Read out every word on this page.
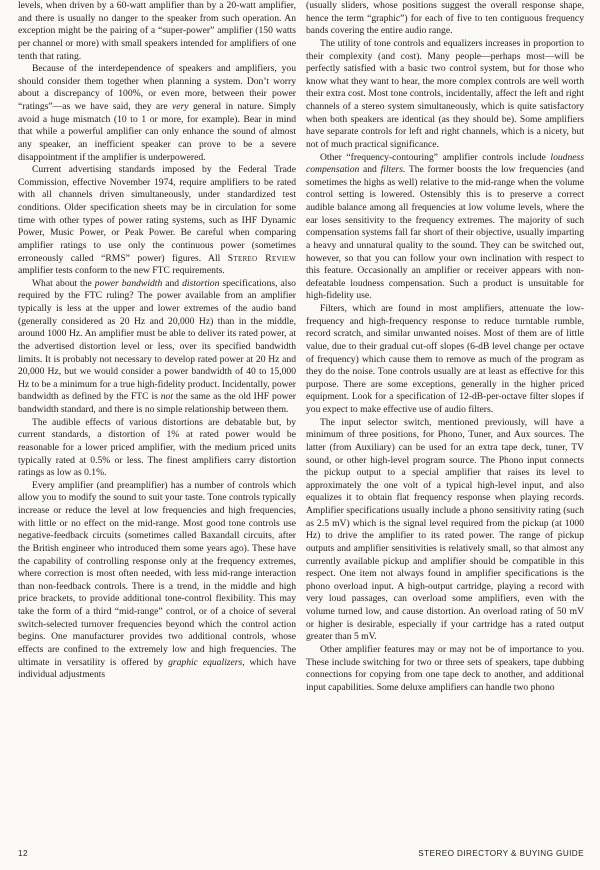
levels, when driven by a 60-watt amplifier than by a 20-watt amplifier, and there is usually no danger to the speaker from such operation. An exception might be the pairing of a “super-power” amplifier (150 watts per channel or more) with small speakers intended for amplifiers of one tenth that rating.

Because of the interdependence of speakers and amplifiers, you should consider them together when planning a system. Don’t worry about a discrepancy of 100%, or even more, between their power “ratings”—as we have said, they are very general in nature. Simply avoid a huge mismatch (10 to 1 or more, for example). Bear in mind that while a powerful amplifier can only enhance the sound of almost any speaker, an inefficient speaker can prove to be a severe disappointment if the amplifier is underpowered.

Current advertising standards imposed by the Federal Trade Commission, effective November 1974, require amplifiers to be rated with all channels driven simultaneously, under standardized test conditions. Older specification sheets may be in circulation for some time with other types of power rating systems, such as IHF Dynamic Power, Music Power, or Peak Power. Be careful when comparing amplifier ratings to use only the continuous power (sometimes erroneously called “RMS” power) figures. All Stereo Review amplifier tests conform to the new FTC requirements.

What about the power bandwidth and distortion specifications, also required by the FTC ruling? The power available from an amplifier typically is less at the upper and lower extremes of the audio band (generally considered as 20 Hz and 20,000 Hz) than in the middle, around 1000 Hz. An amplifier must be able to deliver its rated power, at the advertised distortion level or less, over its specified bandwidth limits. It is probably not necessary to develop rated power at 20 Hz and 20,000 Hz, but we would consider a power bandwidth of 40 to 15,000 Hz to be a minimum for a true high-fidelity product. Incidentally, power bandwidth as defined by the FTC is not the same as the old IHF power bandwidth standard, and there is no simple relationship between them.

The audible effects of various distortions are debatable but, by current standards, a distortion of 1% at rated power would be reasonable for a lower priced amplifier, with the medium priced units typically rated at 0.5% or less. The finest amplifiers carry distortion ratings as low as 0.1%.

Every amplifier (and preamplifier) has a number of controls which allow you to modify the sound to suit your taste. Tone controls typically increase or reduce the level at low frequencies and high frequencies, with little or no effect on the mid-range. Most good tone controls use negative-feedback circuits (sometimes called Baxandall circuits, after the British engineer who introduced them some years ago). These have the capability of controlling response only at the frequency extremes, where correction is most often needed, with less mid-range interaction than non-feedback controls. There is a trend, in the middle and high price brackets, to provide additional tone-control flexibility. This may take the form of a third “mid-range” control, or of a choice of several switch-selected turnover frequencies beyond which the control action begins. One manufacturer provides two additional controls, whose effects are confined to the extremely low and high frequencies. The ultimate in versatility is offered by graphic equalizers, which have individual adjustments

(usually sliders, whose positions suggest the overall response shape, hence the term “graphic”) for each of five to ten contiguous frequency bands covering the entire audio range.

The utility of tone controls and equalizers increases in proportion to their complexity (and cost). Many people—perhaps most—will be perfectly satisfied with a basic two control system, but for those who know what they want to hear, the more complex controls are well worth their extra cost. Most tone controls, incidentally, affect the left and right channels of a stereo system simultaneously, which is quite satisfactory when both speakers are identical (as they should be). Some amplifiers have separate controls for left and right channels, which is a nicety, but not of much practical significance.

Other “frequency-contouring” amplifier controls include loudness compensation and filters. The former boosts the low frequencies (and sometimes the highs as well) relative to the mid-range when the volume control setting is lowered. Ostensibly this is to preserve a correct audible balance among all frequencies at low volume levels, where the ear loses sensitivity to the frequency extremes. The majority of such compensation systems fall far short of their objective, usually imparting a heavy and unnatural quality to the sound. They can be switched out, however, so that you can follow your own inclination with respect to this feature. Occasionally an amplifier or receiver appears with non-defeatable loudness compensation. Such a product is unsuitable for high-fidelity use.

Filters, which are found in most amplifiers, attenuate the low-frequency and high-frequency response to reduce turntable rumble, record scratch, and similar unwanted noises. Most of them are of little value, due to their gradual cut-off slopes (6-dB level change per octave of frequency) which cause them to remove as much of the program as they do the noise. Tone controls usually are at least as effective for this purpose. There are some exceptions, generally in the higher priced equipment. Look for a specification of 12-dB-per-octave filter slopes if you expect to make effective use of audio filters.

The input selector switch, mentioned previously, will have a minimum of three positions, for Phono, Tuner, and Aux sources. The latter (from Auxiliary) can be used for an extra tape deck, tuner, TV sound, or other high-level program source. The Phono input connects the pickup output to a special amplifier that raises its level to approximately the one volt of a typical high-level input, and also equalizes it to obtain flat frequency response when playing records. Amplifier specifications usually include a phono sensitivity rating (such as 2.5 mV) which is the signal level required from the pickup (at 1000 Hz) to drive the amplifier to its rated power. The range of pickup outputs and amplifier sensitivities is relatively small, so that almost any currently available pickup and amplifier should be compatible in this respect. One item not always found in amplifier specifications is the phono overload input. A high-output cartridge, playing a record with very loud passages, can overload some amplifiers, even with the volume turned low, and cause distortion. An overload rating of 50 mV or higher is desirable, especially if your cartridge has a rated output greater than 5 mV.

Other amplifier features may or may not be of importance to you. These include switching for two or three sets of speakers, tape dubbing connections for copying from one tape deck to another, and additional input capabilities. Some deluxe amplifiers can handle two phono

12	STEREO DIRECTORY & BUYING GUIDE
